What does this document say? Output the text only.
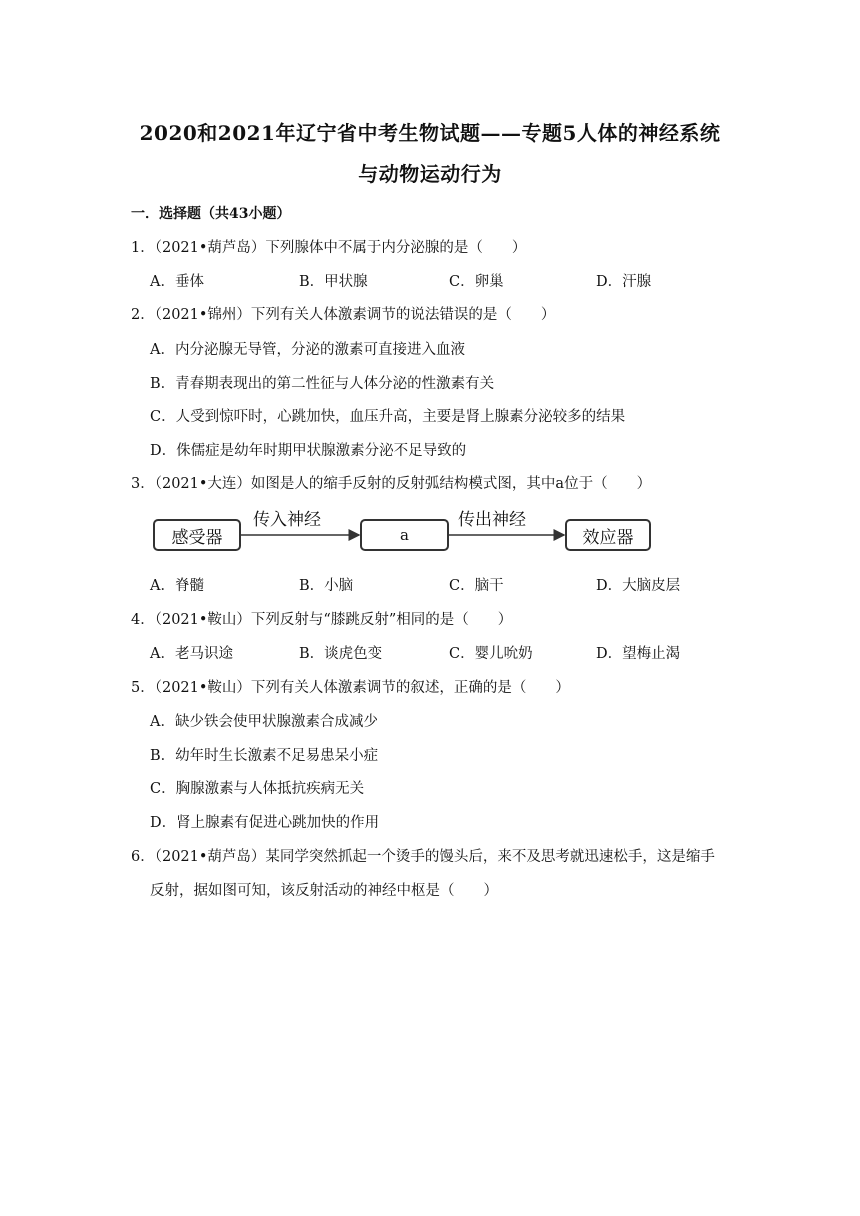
2020和2021年辽宁省中考生物试题——专题5人体的神经系统
与动物运动行为
一．选择题（共43小题）
1．（2021•葫芦岛）下列腺体中不属于内分泌腺的是（　　）
A．垂体	B．甲状腺	C．卵巢	D．汗腺
2．（2021•锦州）下列有关人体激素调节的说法错误的是（　　）
A．内分泌腺无导管，分泌的激素可直接进入血液
B．青春期表现出的第二性征与人体分泌的性激素有关
C．人受到惊吓时，心跳加快，血压升高，主要是肾上腺素分泌较多的结果
D．侏儒症是幼年时期甲状腺激素分泌不足导致的
3．（2021•大连）如图是人的缩手反射的反射弧结构模式图，其中a位于（　　）
感受器
传入神经
a
传出神经
效应器
A．脊髓	B．小脑	C．脑干	D．大脑皮层
4．（2021•鞍山）下列反射与“膝跳反射”相同的是（　　）
A．老马识途	B．谈虎色变	C．婴儿吮奶	D．望梅止渴
5．（2021•鞍山）下列有关人体激素调节的叙述，正确的是（　　）
A．缺少铁会使甲状腺激素合成减少
B．幼年时生长激素不足易患呆小症
C．胸腺激素与人体抵抗疾病无关
D．肾上腺素有促进心跳加快的作用
6．（2021•葫芦岛）某同学突然抓起一个烫手的馒头后，来不及思考就迅速松手，这是缩手
反射，据如图可知，该反射活动的神经中枢是（　　）
